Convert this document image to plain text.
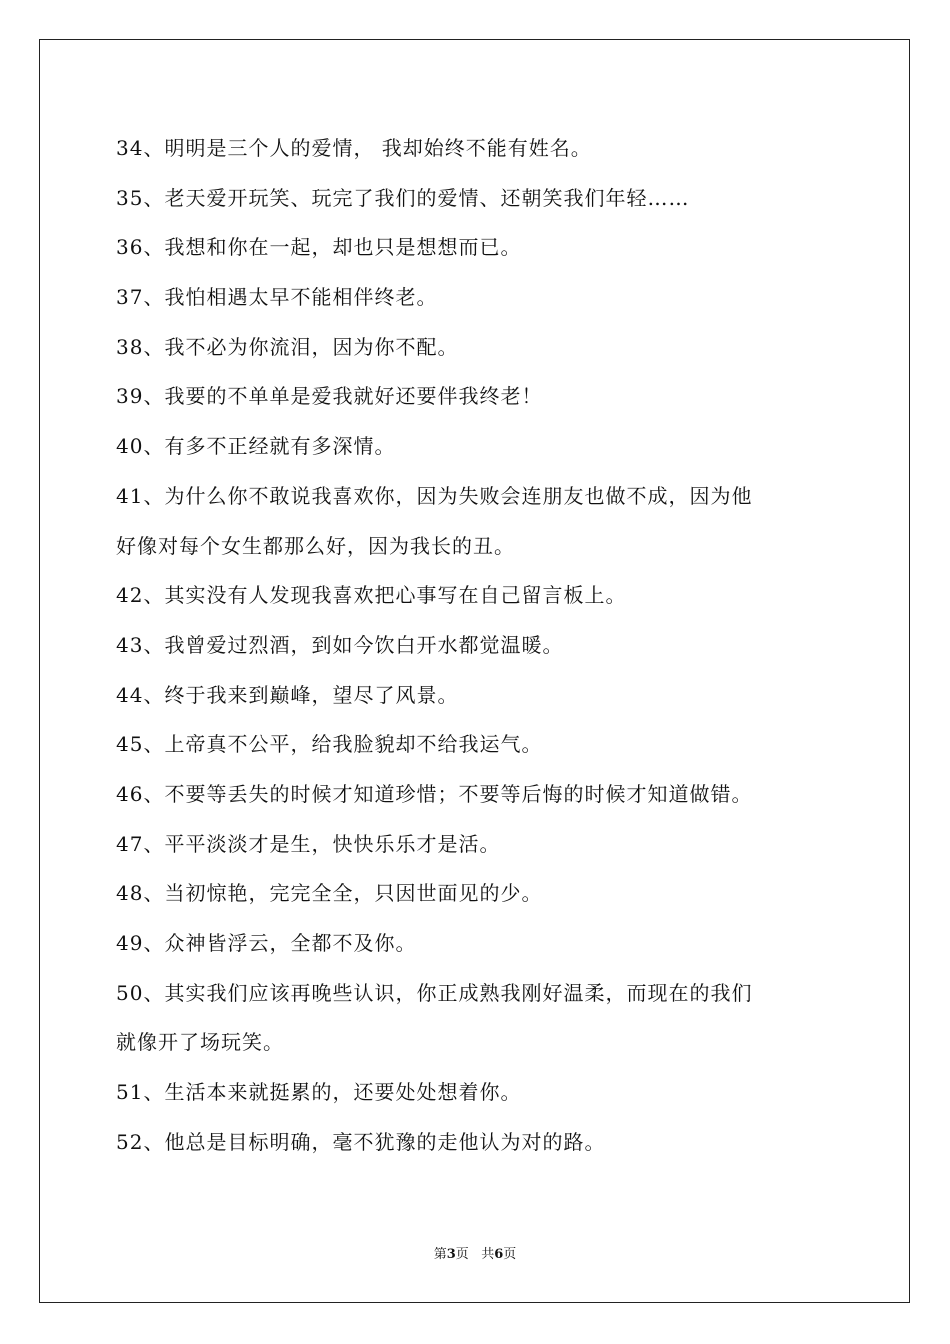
34、明明是三个人的爱情， 我却始终不能有姓名。
35、老天爱开玩笑、玩完了我们的爱情、还朝笑我们年轻……
36、我想和你在一起，却也只是想想而已。
37、我怕相遇太早不能相伴终老。
38、我不必为你流泪，因为你不配。
39、我要的不单单是爱我就好还要伴我终老！
40、有多不正经就有多深情。
41、为什么你不敢说我喜欢你，因为失败会连朋友也做不成，因为他
好像对每个女生都那么好，因为我长的丑。
42、其实没有人发现我喜欢把心事写在自己留言板上。
43、我曾爱过烈酒，到如今饮白开水都觉温暖。
44、终于我来到巅峰，望尽了风景。
45、上帝真不公平，给我脸貌却不给我运气。
46、不要等丢失的时候才知道珍惜；不要等后悔的时候才知道做错。
47、平平淡淡才是生，快快乐乐才是活。
48、当初惊艳，完完全全，只因世面见的少。
49、众神皆浮云，全都不及你。
50、其实我们应该再晚些认识，你正成熟我刚好温柔，而现在的我们
就像开了场玩笑。
51、生活本来就挺累的，还要处处想着你。
52、他总是目标明确，毫不犹豫的走他认为对的路。
第3页 共6页
